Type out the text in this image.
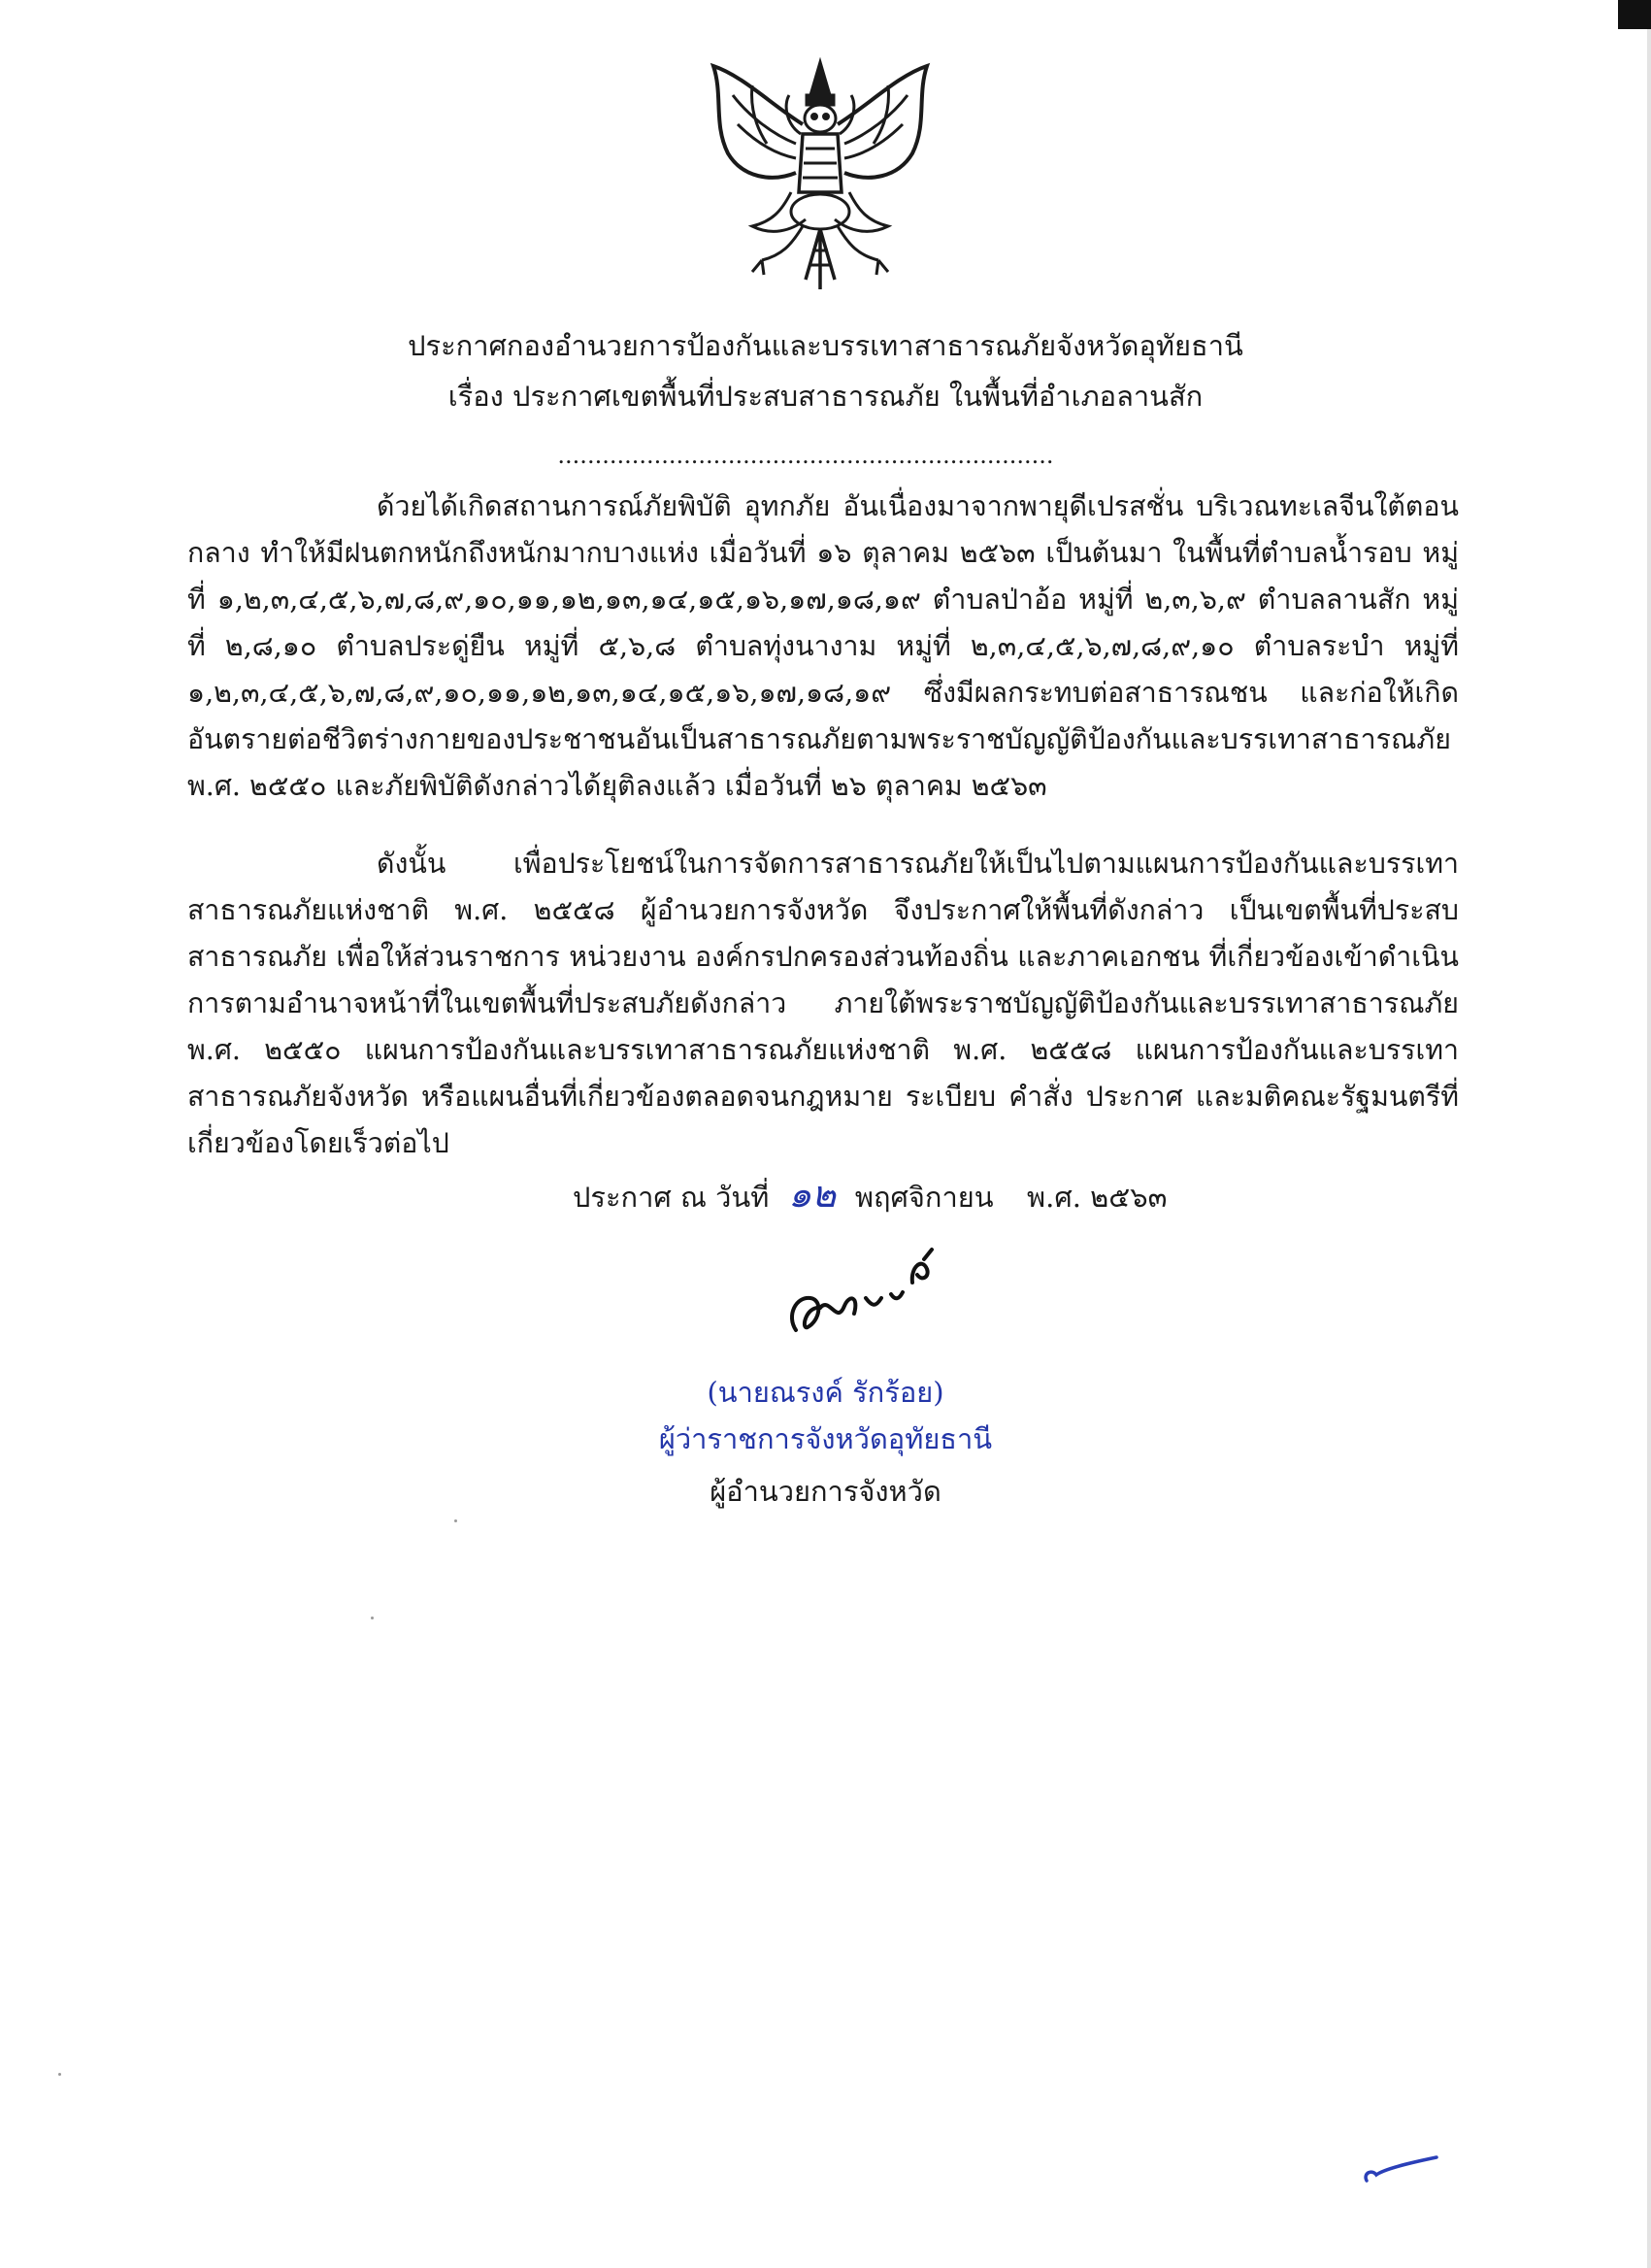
ประกาศกองอำนวยการป้องกันและบรรเทาสาธารณภัยจังหวัดอุทัยธานี
เรื่อง ประกาศเขตพื้นที่ประสบสาธารณภัย ในพื้นที่อำเภอลานสัก
...................................................................
ด้วยได้เกิดสถานการณ์ภัยพิบัติ อุทกภัย อันเนื่องมาจากพายุดีเปรสชั่น บริเวณทะเลจีนใต้ตอนกลาง ทำให้มีฝนตกหนักถึงหนักมากบางแห่ง เมื่อวันที่ ๑๖ ตุลาคม ๒๕๖๓ เป็นต้นมา ในพื้นที่ตำบลน้ำรอบ หมู่ที่ ๑,๒,๓,๔,๕,๖,๗,๘,๙,๑๐,๑๑,๑๒,๑๓,๑๔,๑๕,๑๖,๑๗,๑๘,๑๙ ตำบลป่าอ้อ หมู่ที่ ๒,๓,๖,๙ ตำบลลานสัก หมู่ที่ ๒,๘,๑๐ ตำบลประดู่ยืน หมู่ที่ ๕,๖,๘ ตำบลทุ่งนางาม หมู่ที่ ๒,๓,๔,๕,๖,๗,๘,๙,๑๐ ตำบลระบำ หมู่ที่ ๑,๒,๓,๔,๕,๖,๗,๘,๙,๑๐,๑๑,๑๒,๑๓,๑๔,๑๕,๑๖,๑๗,๑๘,๑๙ ซึ่งมีผลกระทบต่อสาธารณชน และก่อให้เกิดอันตรายต่อชีวิตร่างกายของประชาชนอันเป็นสาธารณภัยตามพระราชบัญญัติป้องกันและบรรเทาสาธารณภัย พ.ศ. ๒๕๕๐ และภัยพิบัติดังกล่าวได้ยุติลงแล้ว เมื่อวันที่ ๒๖ ตุลาคม ๒๕๖๓
ดังนั้น เพื่อประโยชน์ในการจัดการสาธารณภัยให้เป็นไปตามแผนการป้องกันและบรรเทาสาธารณภัยแห่งชาติ พ.ศ. ๒๕๕๘ ผู้อำนวยการจังหวัด จึงประกาศให้พื้นที่ดังกล่าว เป็นเขตพื้นที่ประสบสาธารณภัย เพื่อให้ส่วนราชการ หน่วยงาน องค์กรปกครองส่วนท้องถิ่น และภาคเอกชน ที่เกี่ยวข้องเข้าดำเนินการตามอำนาจหน้าที่ในเขตพื้นที่ประสบภัยดังกล่าว ภายใต้พระราชบัญญัติป้องกันและบรรเทาสาธารณภัย พ.ศ. ๒๕๕๐ แผนการป้องกันและบรรเทาสาธารณภัยแห่งชาติ พ.ศ. ๒๕๕๘ แผนการป้องกันและบรรเทาสาธารณภัยจังหวัด หรือแผนอื่นที่เกี่ยวข้องตลอดจนกฎหมาย ระเบียบ คำสั่ง ประกาศ และมติคณะรัฐมนตรีที่เกี่ยวข้องโดยเร็วต่อไป
ประกาศ ณ วันที่ ๑๒ พฤศจิกายน พ.ศ. ๒๕๖๓
(นายณรงค์ รักร้อย)
ผู้ว่าราชการจังหวัดอุทัยธานี
ผู้อำนวยการจังหวัด
